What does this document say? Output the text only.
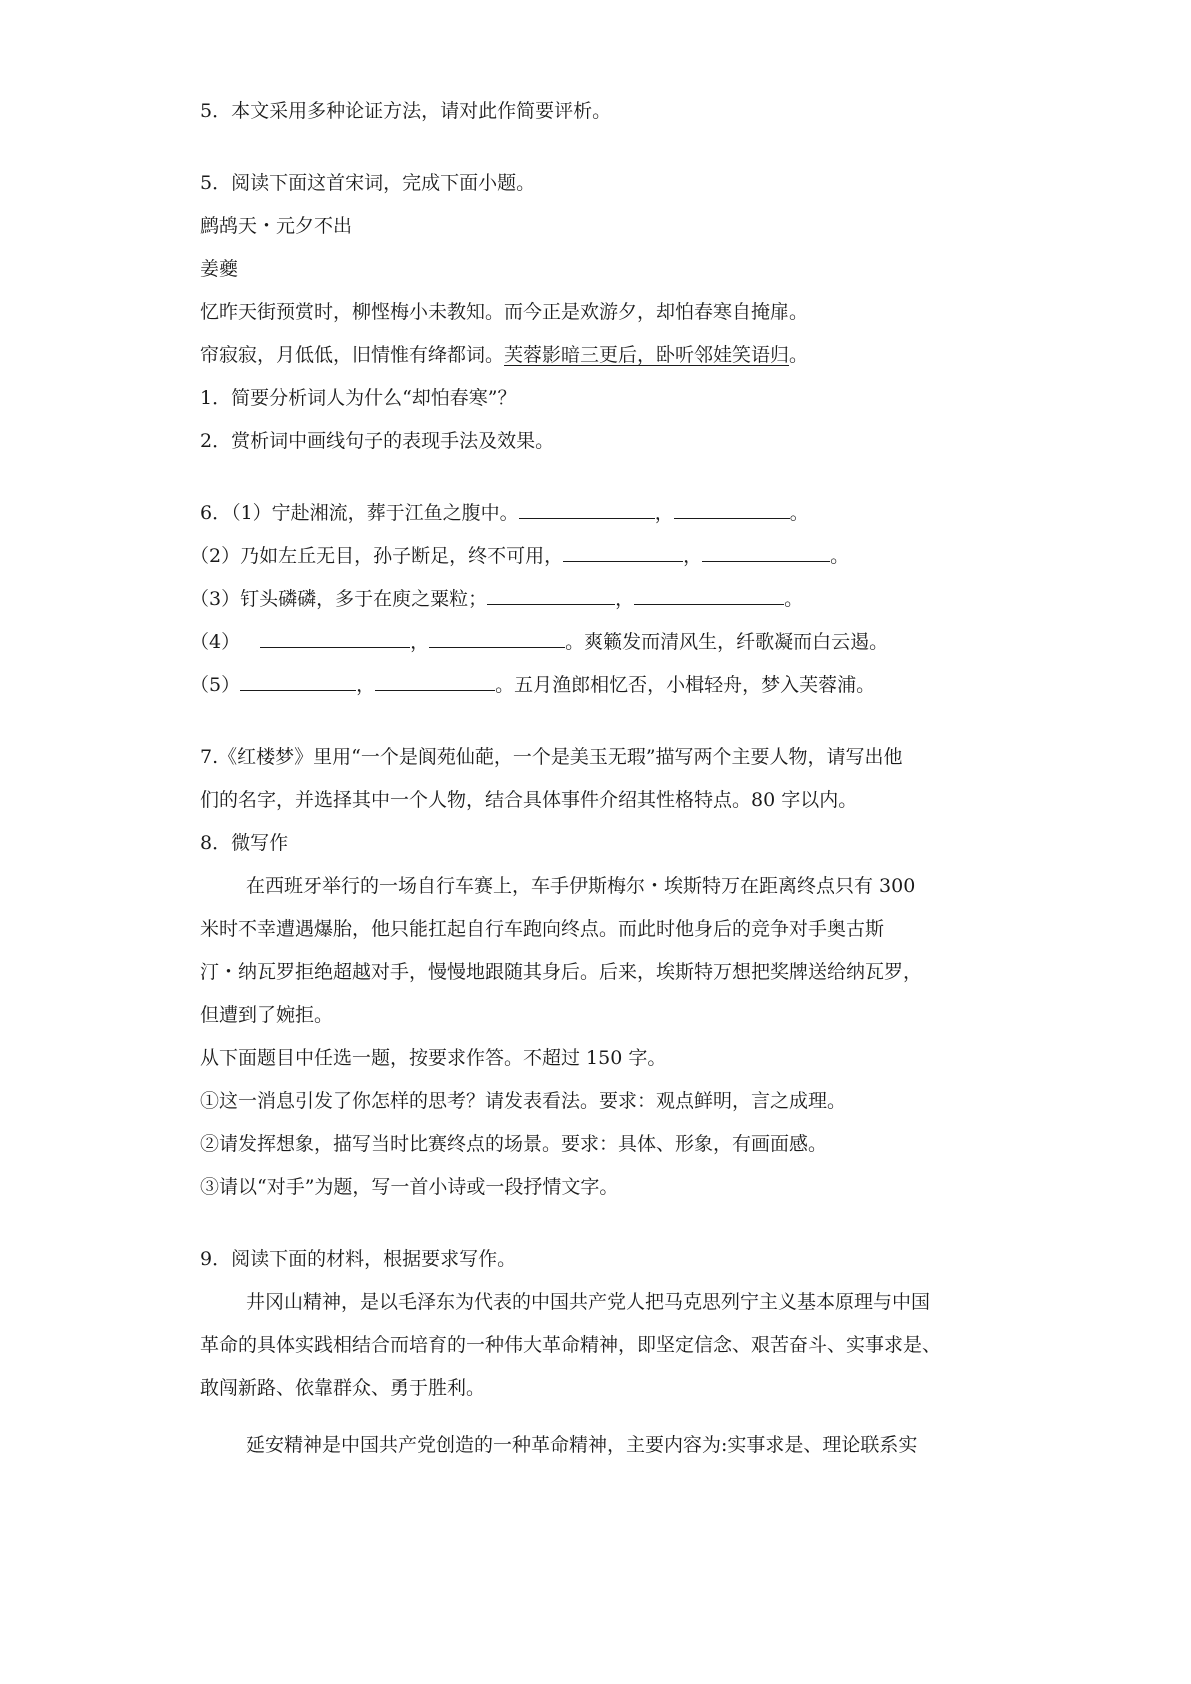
5．本文采用多种论证方法，请对此作简要评析。
5．阅读下面这首宋词，完成下面小题。
鹧鸪天・元夕不出
姜夔
忆昨天街预赏时，柳悭梅小未教知。而今正是欢游夕，却怕春寒自掩扉。
帘寂寂，月低低，旧情惟有绛都词。芙蓉影暗三更后，卧听邻娃笑语归。
1．简要分析词人为什么“却怕春寒”？
2．赏析词中画线句子的表现手法及效果。
6．（1）宁赴湘流，葬于江鱼之腹中。	，	。
（2）乃如左丘无目，孙子断足，终不可用，	，	。
（3）钉头磷磷，多于在庾之粟粒；	，	。
（4）	，	。爽籁发而清风生，纤歌凝而白云遏。
（5）	，	。五月渔郎相忆否，小楫轻舟，梦入芙蓉浦。
7.《红楼梦》里用“一个是阆苑仙葩，一个是美玉无瑕”描写两个主要人物，请写出他
们的名字，并选择其中一个人物，结合具体事件介绍其性格特点。80 字以内。
8．微写作
在西班牙举行的一场自行车赛上，车手伊斯梅尔・埃斯特万在距离终点只有 300
米时不幸遭遇爆胎，他只能扛起自行车跑向终点。而此时他身后的竞争对手奥古斯
汀・纳瓦罗拒绝超越对手，慢慢地跟随其身后。后来，埃斯特万想把奖牌送给纳瓦罗，
但遭到了婉拒。
从下面题目中任选一题，按要求作答。不超过 150 字。
①这一消息引发了你怎样的思考？请发表看法。要求：观点鲜明，言之成理。
②请发挥想象，描写当时比赛终点的场景。要求：具体、形象，有画面感。
③请以“对手”为题，写一首小诗或一段抒情文字。
9．阅读下面的材料，根据要求写作。
井冈山精神，是以毛泽东为代表的中国共产党人把马克思列宁主义基本原理与中国
革命的具体实践相结合而培育的一种伟大革命精神，即坚定信念、艰苦奋斗、实事求是、
敢闯新路、依靠群众、勇于胜利。
延安精神是中国共产党创造的一种革命精神，主要内容为:实事求是、理论联系实
